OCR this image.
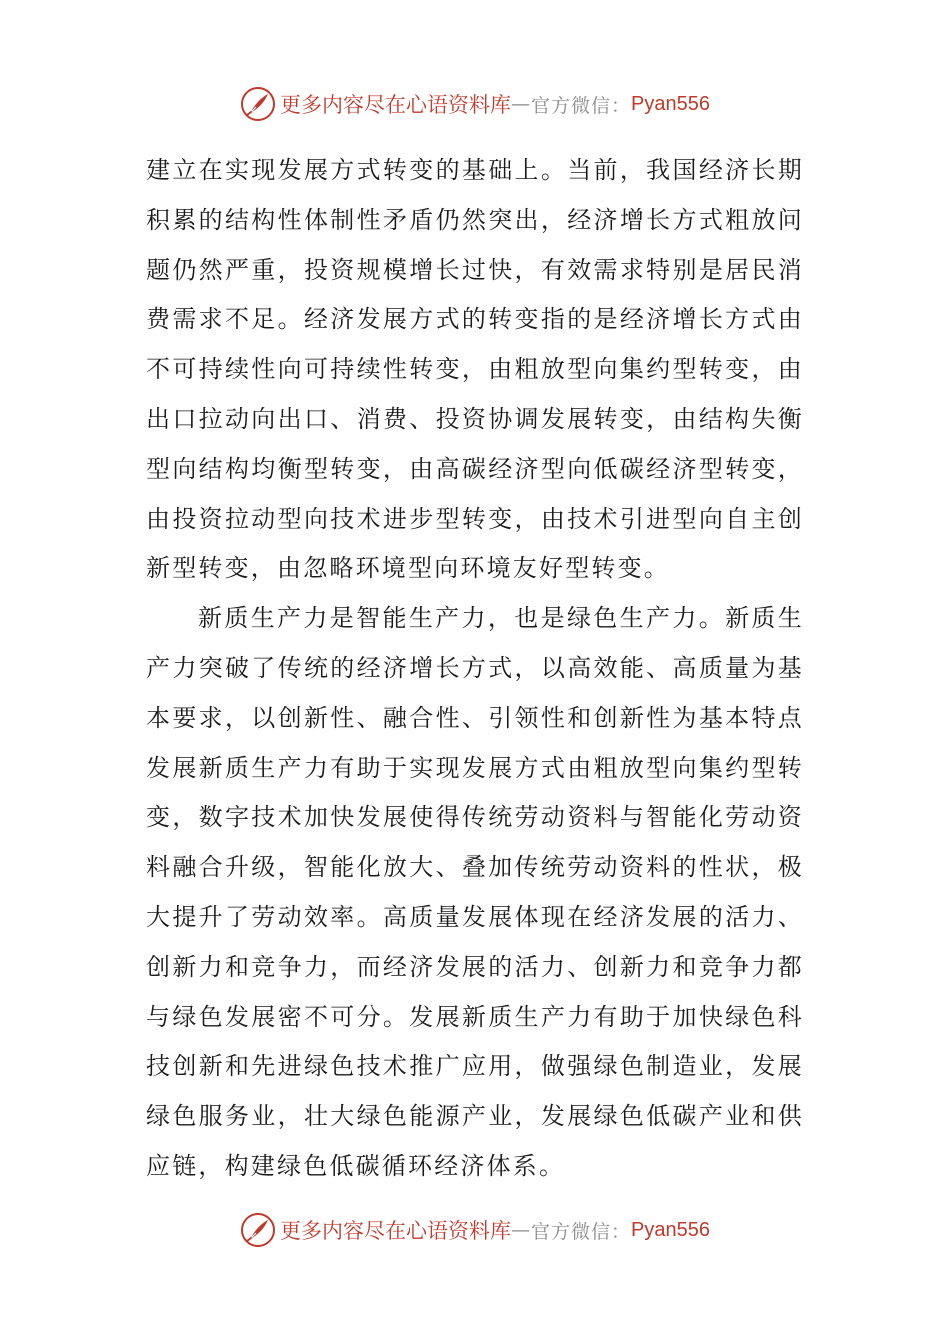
更多内容尽在心语资料库 — 官方微信： Pyan556

建立在实现发展方式转变的基础上。当前，我国经济长期积累的结构性体制性矛盾仍然突出，经济增长方式粗放问题仍然严重，投资规模增长过快，有效需求特别是居民消费需求不足。经济发展方式的转变指的是经济增长方式由不可持续性向可持续性转变，由粗放型向集约型转变，由出口拉动向出口、消费、投资协调发展转变，由结构失衡型向结构均衡型转变，由高碳经济型向低碳经济型转变，由投资拉动型向技术进步型转变，由技术引进型向自主创新型转变，由忽略环境型向环境友好型转变。

新质生产力是智能生产力，也是绿色生产力。新质生产力突破了传统的经济增长方式，以高效能、高质量为基本要求，以创新性、融合性、引领性和创新性为基本特点发展新质生产力有助于实现发展方式由粗放型向集约型转变，数字技术加快发展使得传统劳动资料与智能化劳动资料融合升级，智能化放大、叠加传统劳动资料的性状，极大提升了劳动效率。高质量发展体现在经济发展的活力、创新力和竞争力，而经济发展的活力、创新力和竞争力都与绿色发展密不可分。发展新质生产力有助于加快绿色科技创新和先进绿色技术推广应用，做强绿色制造业，发展绿色服务业，壮大绿色能源产业，发展绿色低碳产业和供应链，构建绿色低碳循环经济体系。

更多内容尽在心语资料库 — 官方微信： Pyan556
